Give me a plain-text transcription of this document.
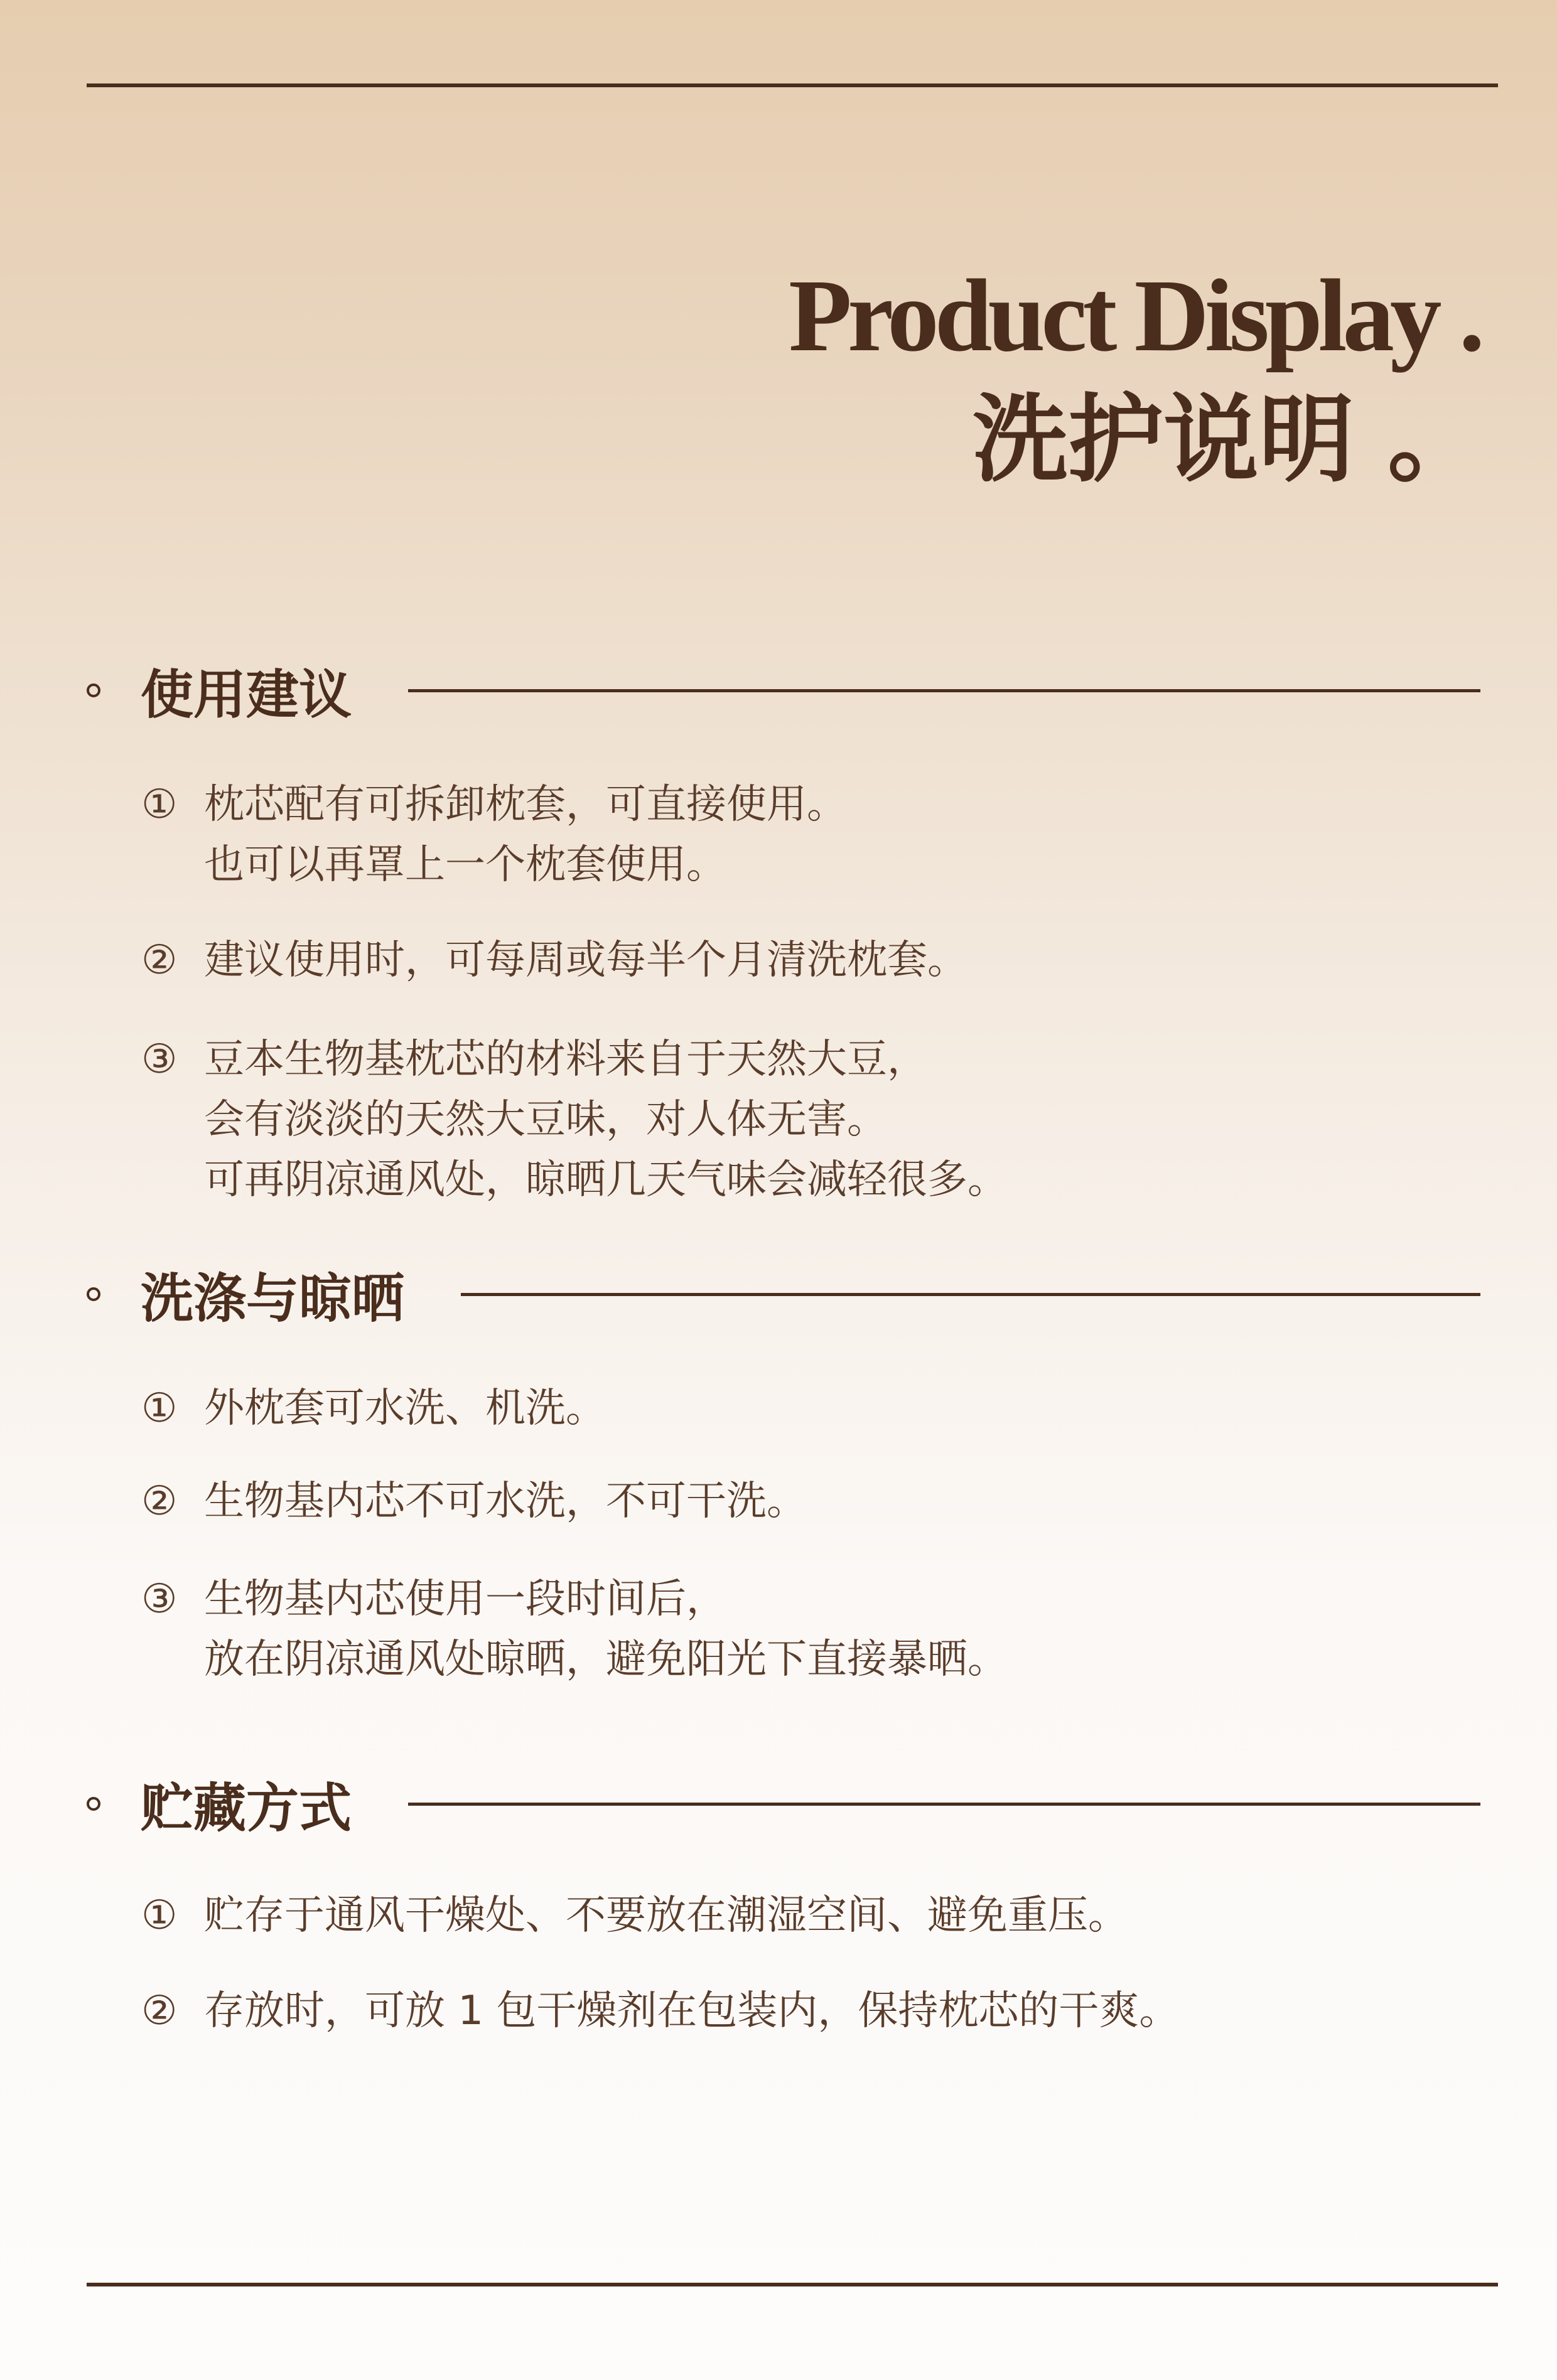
Product Display .
洗护说明 。
使用建议
① 枕芯配有可拆卸枕套，可直接使用。
也可以再罩上一个枕套使用。
② 建议使用时，可每周或每半个月清洗枕套。
③ 豆本生物基枕芯的材料来自于天然大豆，
会有淡淡的天然大豆味，对人体无害。
可再阴凉通风处，晾晒几天气味会减轻很多。
洗涤与晾晒
① 外枕套可水洗、机洗。
② 生物基内芯不可水洗，不可干洗。
③ 生物基内芯使用一段时间后，
放在阴凉通风处晾晒，避免阳光下直接暴晒。
贮藏方式
① 贮存于通风干燥处、不要放在潮湿空间、避免重压。
② 存放时，可放 1 包干燥剂在包装内，保持枕芯的干爽。
